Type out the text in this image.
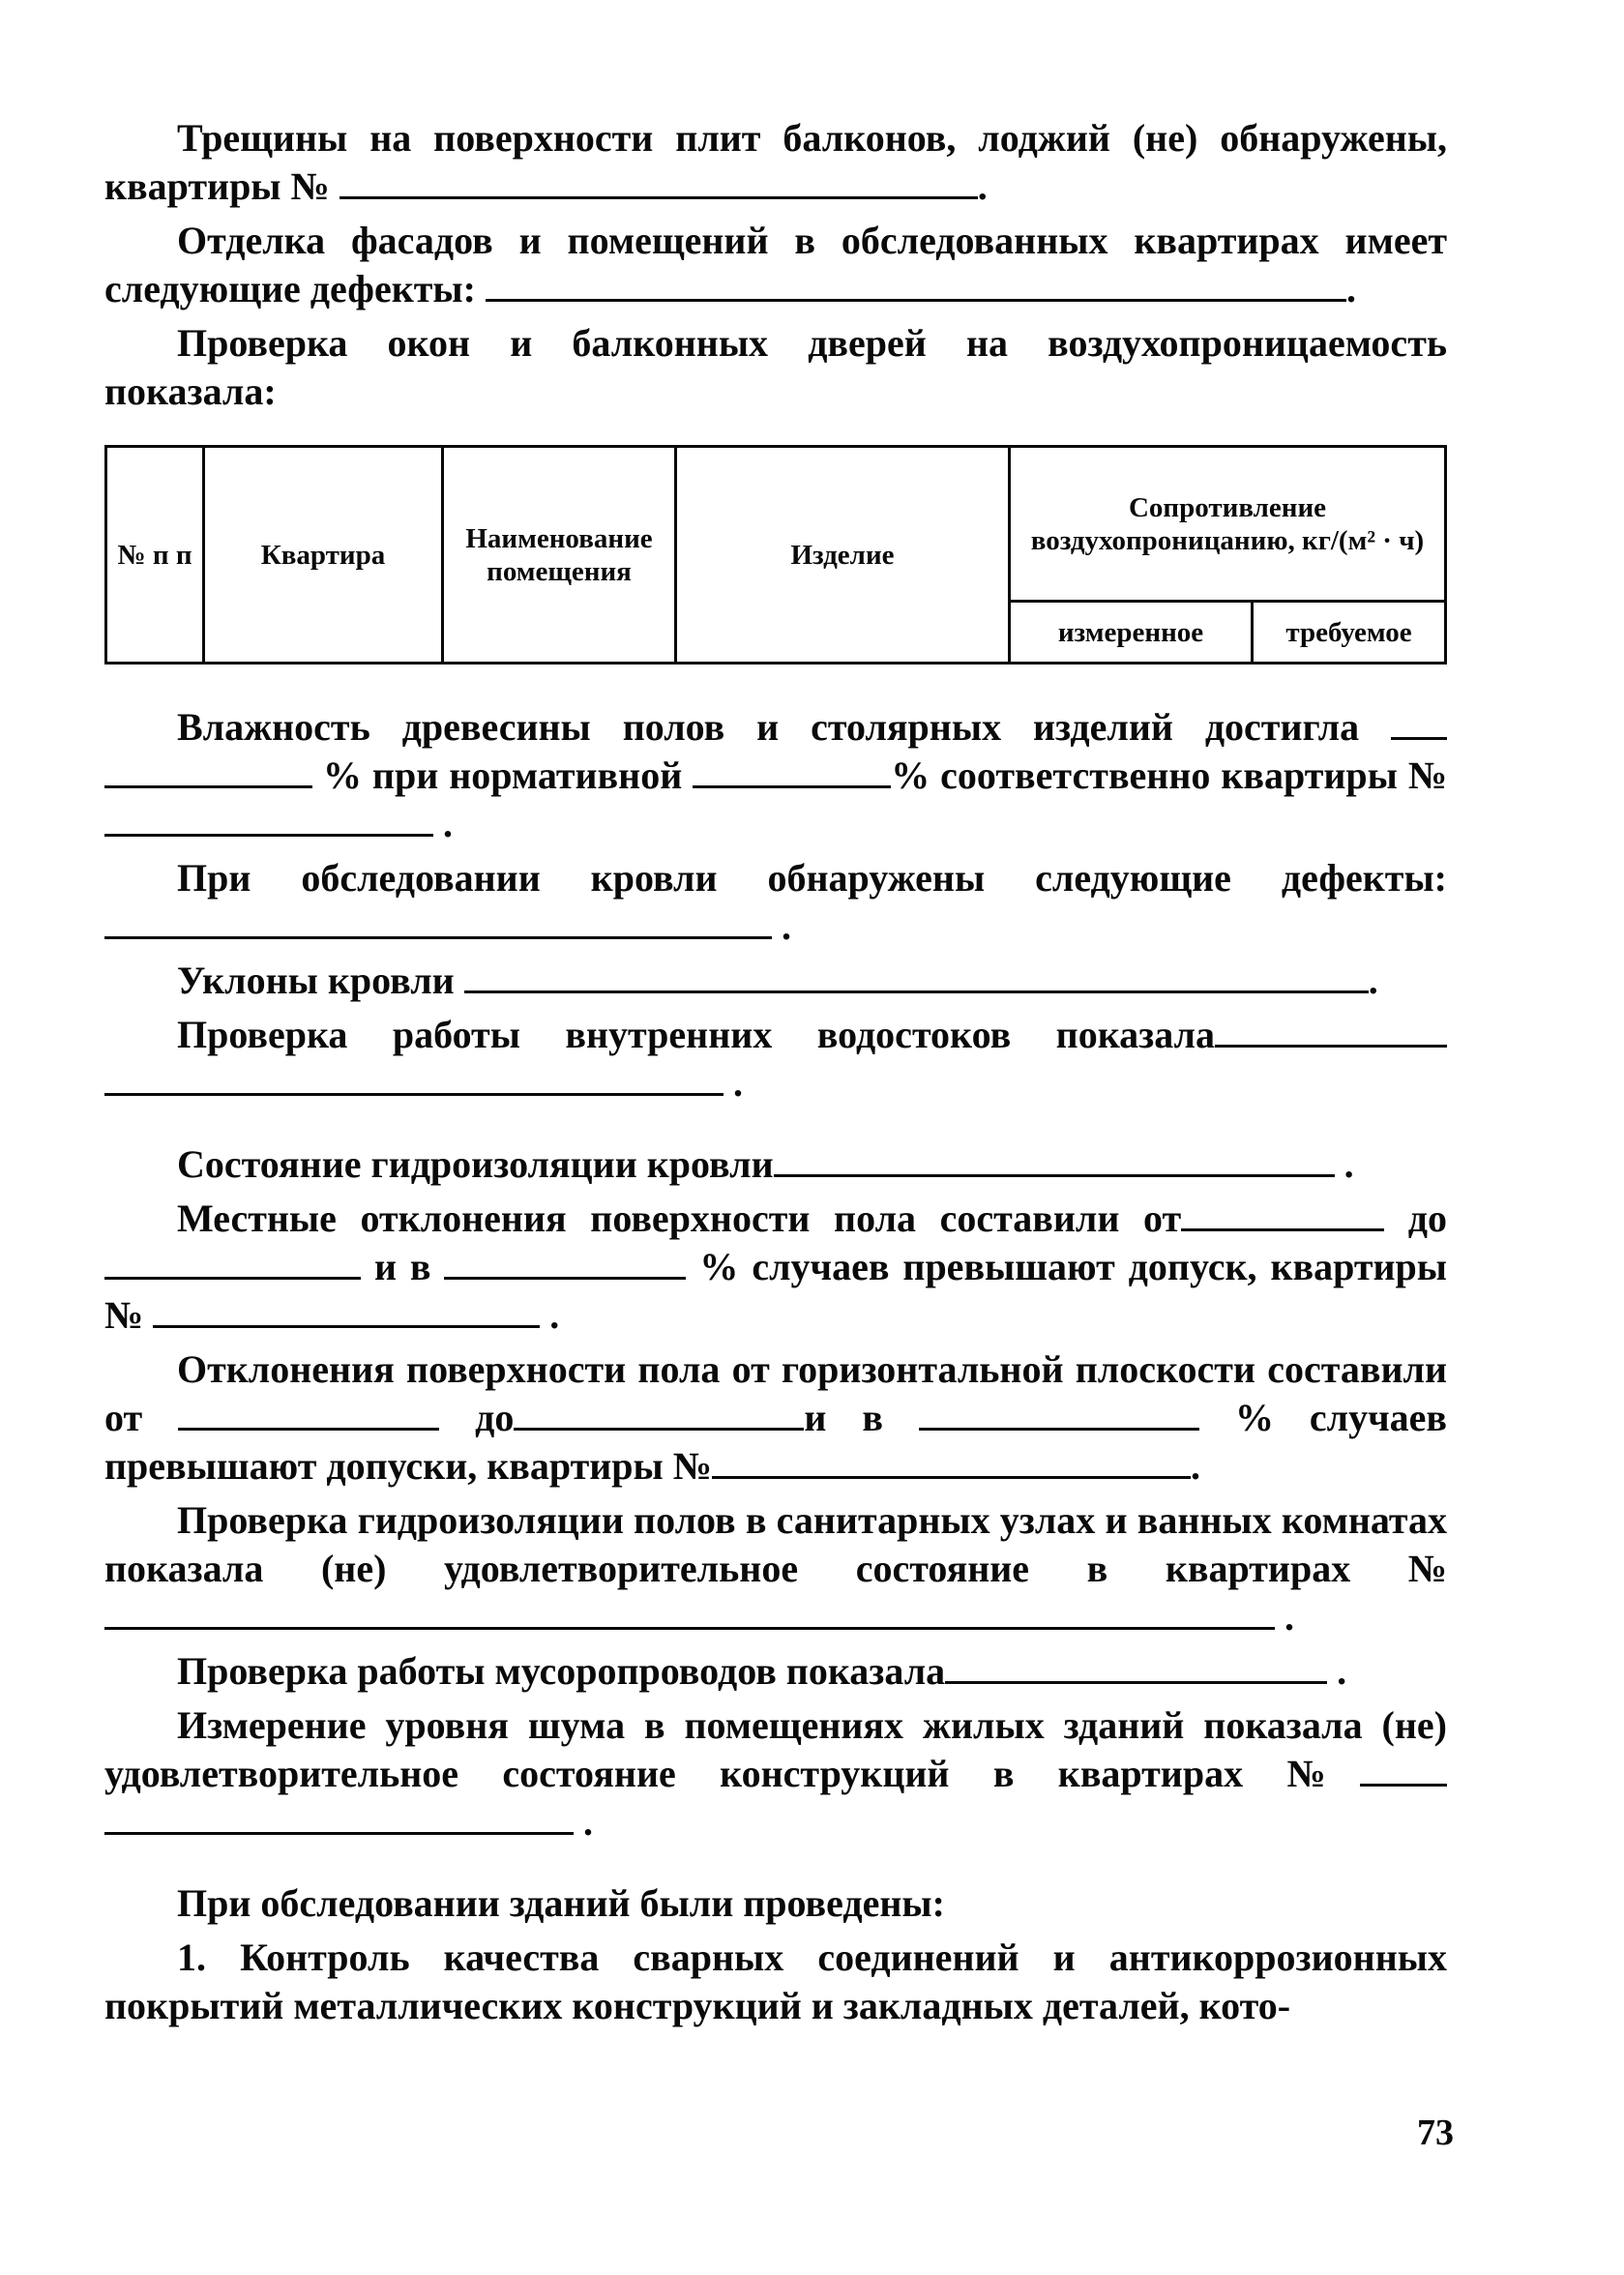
Трещины на поверхности плит балконов, лоджий (не) обнаружены, квартиры №	.

Отделка фасадов и помещений в обследованных квартирах имеет следующие дефекты:	.

Проверка окон и балконных дверей на воздухопроницаемость показала:

№ п п	Квартира	Наименование помещения	Изделие	Сопротивление воздухопроницанию, кг/(м² · ч)	
				измеренное	требуемое

Влажность древесины полов и столярных изделий достигла   % при нормативной	% соответственно квартиры №  .

При обследовании кровли обнаружены следующие дефекты: .

Уклоны кровли	.

Проверка работы внутренних водостоков показала  .

Состояние гидроизоляции кровли	.

Местные отклонения поверхности пола составили от	до  и в	% случаев превышают допуск, квартиры №	.

Отклонения поверхности пола от горизонтальной плоскости составили от	до	и в	% случаев превышают допуски, квартиры №	.

Проверка гидроизоляции полов в санитарных узлах и ванных комнатах показала (не) удовлетворительное состояние в квартирах №  .

Проверка работы мусоропроводов показала	.

Измерение уровня шума в помещениях жилых зданий показала (не) удовлетворительное состояние конструкций в квартирах №  .

При обследовании зданий были проведены:

1. Контроль качества сварных соединений и антикоррозионных покрытий металлических конструкций и закладных деталей, кото-

73
